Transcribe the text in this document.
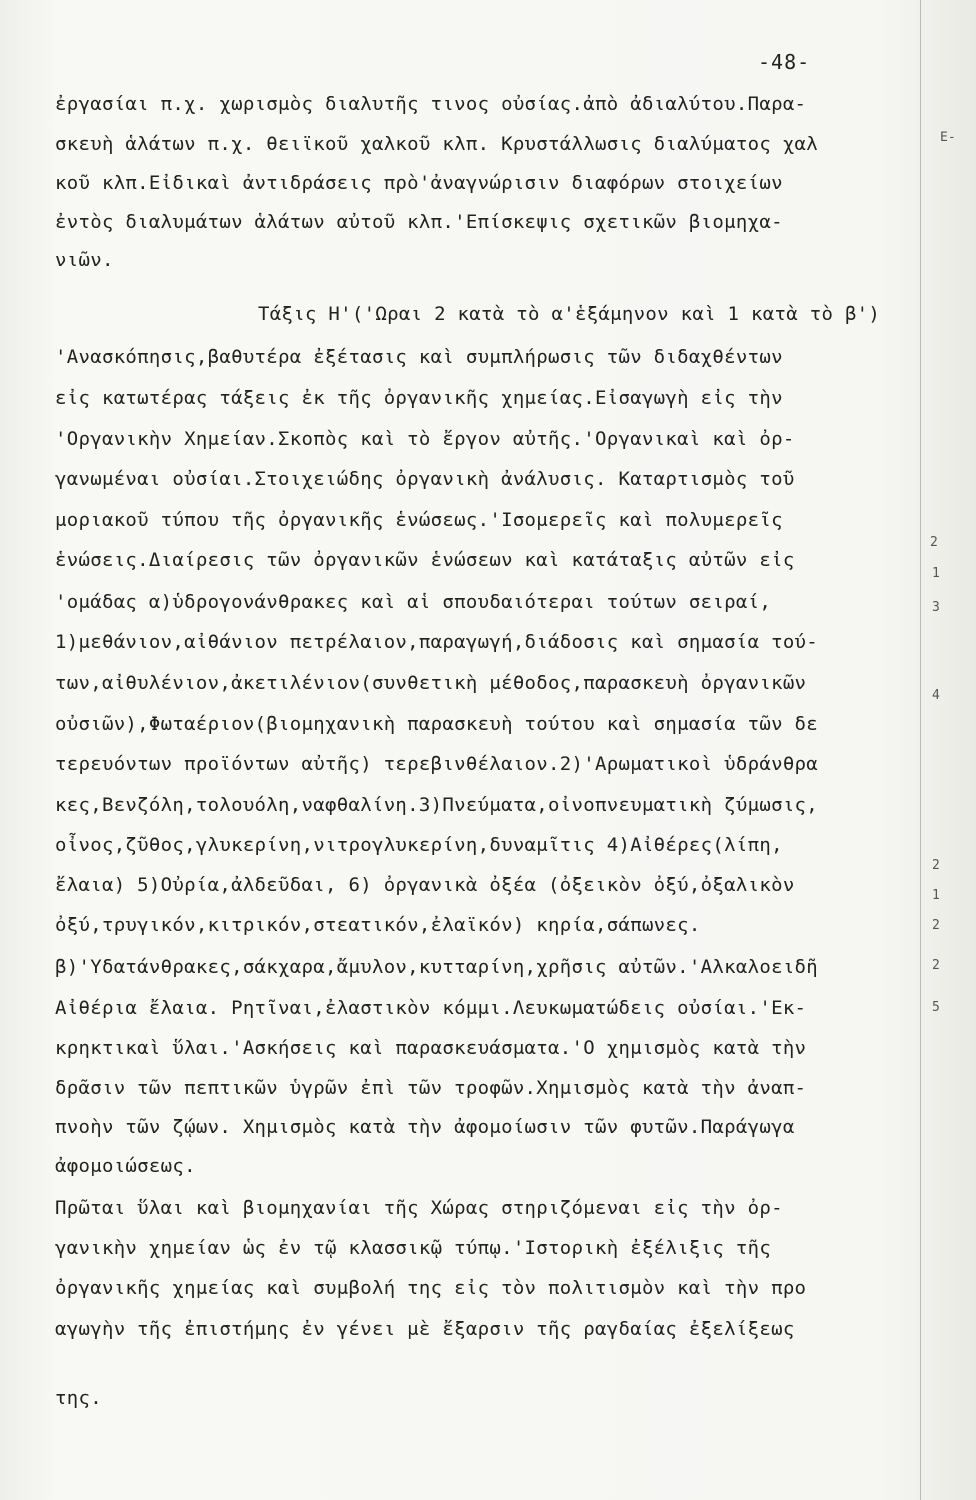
-48-
ἐργασίαι π.χ. χωρισμὸς διαλυτῆς τινος οὐσίας.ἀπὸ ἀδιαλύτου.Παρα-
σκευὴ ἁλάτων π.χ. θειϊκοῦ χαλκοῦ κλπ. Κρυστάλλωσις διαλύματος χαλ
κοῦ κλπ.Εἰδικαὶ ἀντιδράσεις πρὸ'ἀναγνώρισιν διαφόρων στοιχείων
ἐντὸς διαλυμάτων ἁλάτων αὐτοῦ κλπ.'Επίσκεψις σχετικῶν βιομηχα-
νιῶν.
Τάξις Η'('Ωραι 2 κατὰ τὸ α'ἑξάμηνον καὶ 1 κατὰ τὸ β')
'Ανασκόπησις,βαθυτέρα ἐξέτασις καὶ συμπλήρωσις τῶν διδαχθέντων
εἰς κατωτέρας τάξεις ἐκ τῆς ὀργανικῆς χημείας.Εἰσαγωγὴ εἰς τὴν
'Οργανικὴν Χημείαν.Σκοπὸς καὶ τὸ ἔργον αὐτῆς.'Οργανικαὶ καὶ ὀρ-
γανωμέναι οὐσίαι.Στοιχειώδης ὀργανικὴ ἀνάλυσις. Καταρτισμὸς τοῦ
μοριακοῦ τύπου τῆς ὀργανικῆς ἑνώσεως.'Ισομερεῖς καὶ πολυμερεῖς
ἑνώσεις.Διαίρεσις τῶν ὀργανικῶν ἑνώσεων καὶ κατάταξις αὐτῶν εἰς
'ομάδας α)ὑδρογονάνθρακες καὶ αἱ σπουδαιότεραι τούτων σειραί,
1)μεθάνιον,αἰθάνιον πετρέλαιον,παραγωγή,διάδοσις καὶ σημασία τού-
των,αἰθυλένιον,ἀκετιλένιον(συνθετικὴ μέθοδος,παρασκευὴ ὀργανικῶν
οὐσιῶν),Φωταέριον(βιομηχανικὴ παρασκευὴ τούτου καὶ σημασία τῶν δε
τερευόντων προϊόντων αὐτῆς) τερεβινθέλαιον.2)'Αρωματικοὶ ὑδράνθρα
κες,Βενζόλη,τολουόλη,ναφθαλίνη.3)Πνεύματα,οἰνοπνευματικὴ ζύμωσις,
οἶνος,ζῦθος,γλυκερίνη,νιτρογλυκερίνη,δυναμῖτις 4)Αἰθέρες(λίπη,
ἔλαια) 5)Οὐρία,ἀλδεῦδαι, 6) ὀργανικὰ ὀξέα (ὀξεικὸν ὀξύ,ὀξαλικὸν
ὀξύ,τρυγικόν,κιτρικόν,στεατικόν,ἐλαϊκόν) κηρία,σάπωνες.
β)'Υδατάνθρακες,σάκχαρα,ἄμυλον,κυτταρίνη,χρῆσις αὐτῶν.'Αλκαλοειδῆ
Αἰθέρια ἔλαια. Ρητῖναι,ἐλαστικὸν κόμμι.Λευκωματώδεις οὐσίαι.'Εκ-
κρηκτικαὶ ὕλαι.'Ασκήσεις καὶ παρασκευάσματα.'Ο χημισμὸς κατὰ τὴν
δρᾶσιν τῶν πεπτικῶν ὑγρῶν ἐπὶ τῶν τροφῶν.Χημισμὸς κατὰ τὴν ἀναπ-
πνοὴν τῶν ζῴων. Χημισμὸς κατὰ τὴν ἀφομοίωσιν τῶν φυτῶν.Παράγωγα
ἀφομοιώσεως.
Πρῶται ὕλαι καὶ βιομηχανίαι τῆς Χώρας στηριζόμεναι εἰς τὴν ὀρ-
γανικὴν χημείαν ὡς ἐν τῷ κλασσικῷ τύπῳ.'Ιστορικὴ ἐξέλιξις τῆς
ὀργανικῆς χημείας καὶ συμβολή της εἰς τὸν πολιτισμὸν καὶ τὴν προ
αγωγὴν τῆς ἐπιστήμης ἐν γένει μὲ ἔξαρσιν τῆς ραγδαίας ἐξελίξεως
της.
Ε-
2
1
3
4
2
1
2
2
5
